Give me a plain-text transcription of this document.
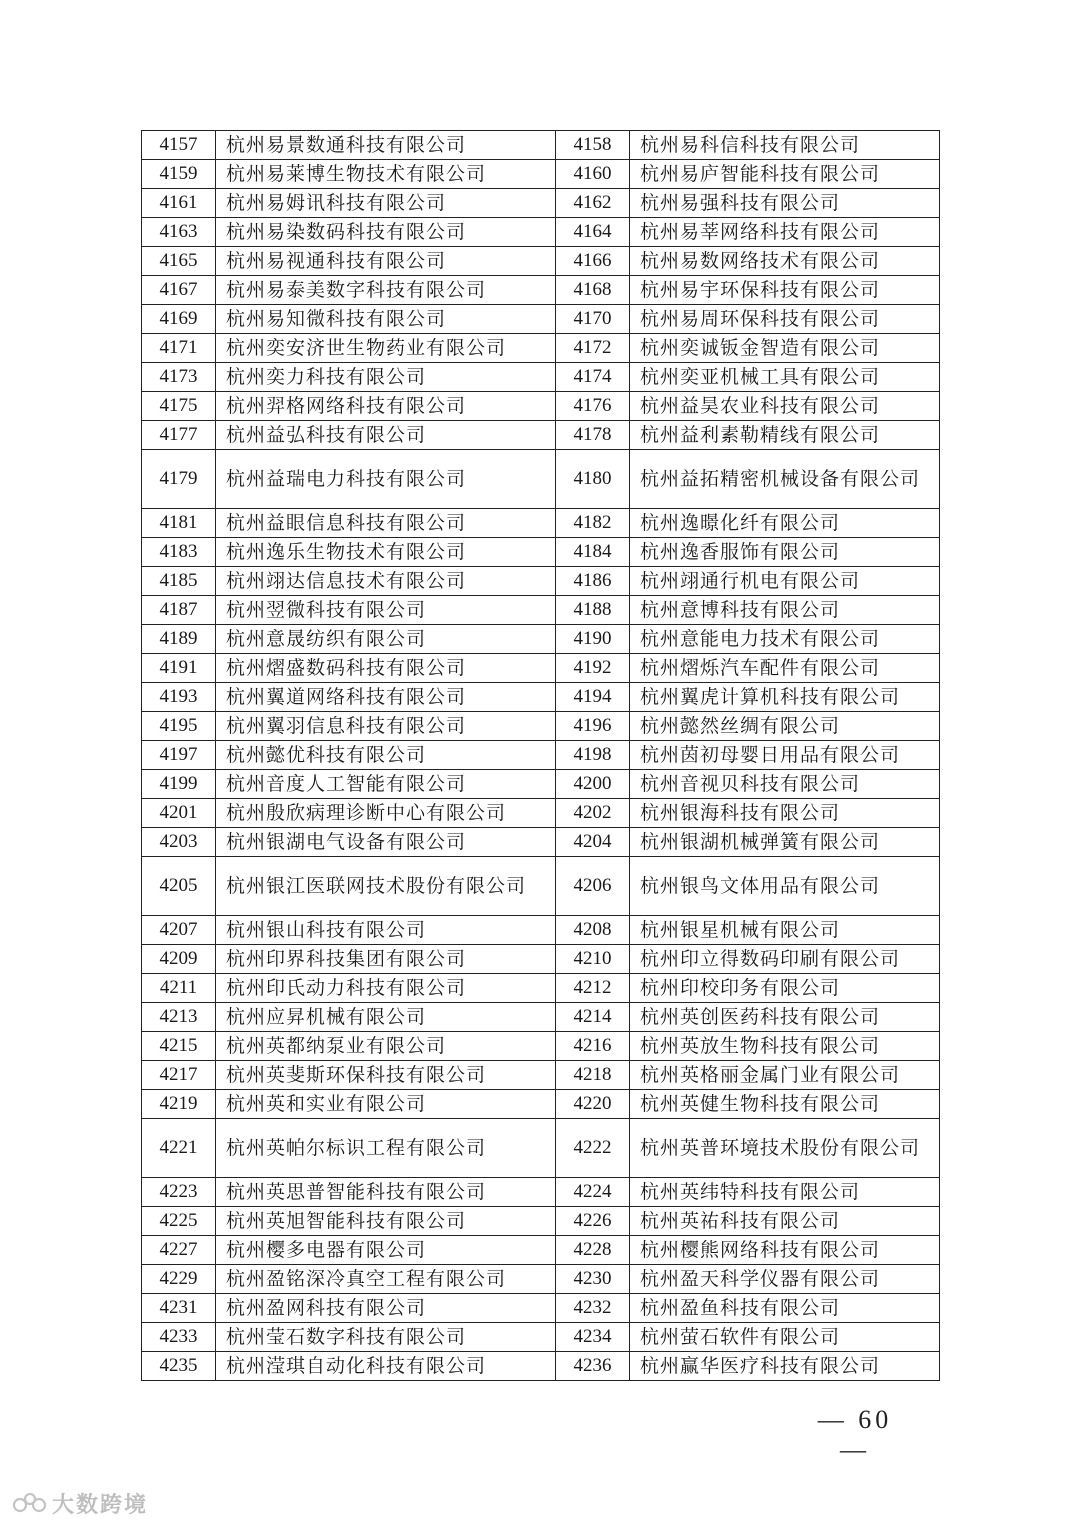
4157	杭州易景数通科技有限公司	4158	杭州易科信科技有限公司
4159	杭州易莱博生物技术有限公司	4160	杭州易庐智能科技有限公司
4161	杭州易姆讯科技有限公司	4162	杭州易强科技有限公司
4163	杭州易染数码科技有限公司	4164	杭州易莘网络科技有限公司
4165	杭州易视通科技有限公司	4166	杭州易数网络技术有限公司
4167	杭州易泰美数字科技有限公司	4168	杭州易宇环保科技有限公司
4169	杭州易知微科技有限公司	4170	杭州易周环保科技有限公司
4171	杭州奕安济世生物药业有限公司	4172	杭州奕诚钣金智造有限公司
4173	杭州奕力科技有限公司	4174	杭州奕亚机械工具有限公司
4175	杭州羿格网络科技有限公司	4176	杭州益昊农业科技有限公司
4177	杭州益弘科技有限公司	4178	杭州益利素勒精线有限公司
4179	杭州益瑞电力科技有限公司	4180	杭州益拓精密机械设备有限公司
4181	杭州益眼信息科技有限公司	4182	杭州逸暻化纤有限公司
4183	杭州逸乐生物技术有限公司	4184	杭州逸香服饰有限公司
4185	杭州翊达信息技术有限公司	4186	杭州翊通行机电有限公司
4187	杭州翌微科技有限公司	4188	杭州意博科技有限公司
4189	杭州意晟纺织有限公司	4190	杭州意能电力技术有限公司
4191	杭州熠盛数码科技有限公司	4192	杭州熠烁汽车配件有限公司
4193	杭州翼道网络科技有限公司	4194	杭州翼虎计算机科技有限公司
4195	杭州翼羽信息科技有限公司	4196	杭州懿然丝绸有限公司
4197	杭州懿优科技有限公司	4198	杭州茵初母婴日用品有限公司
4199	杭州音度人工智能有限公司	4200	杭州音视贝科技有限公司
4201	杭州殷欣病理诊断中心有限公司	4202	杭州银海科技有限公司
4203	杭州银湖电气设备有限公司	4204	杭州银湖机械弹簧有限公司
4205	杭州银江医联网技术股份有限公司	4206	杭州银鸟文体用品有限公司
4207	杭州银山科技有限公司	4208	杭州银星机械有限公司
4209	杭州印界科技集团有限公司	4210	杭州印立得数码印刷有限公司
4211	杭州印氏动力科技有限公司	4212	杭州印校印务有限公司
4213	杭州应昇机械有限公司	4214	杭州英创医药科技有限公司
4215	杭州英都纳泵业有限公司	4216	杭州英放生物科技有限公司
4217	杭州英斐斯环保科技有限公司	4218	杭州英格丽金属门业有限公司
4219	杭州英和实业有限公司	4220	杭州英健生物科技有限公司
4221	杭州英帕尔标识工程有限公司	4222	杭州英普环境技术股份有限公司
4223	杭州英思普智能科技有限公司	4224	杭州英纬特科技有限公司
4225	杭州英旭智能科技有限公司	4226	杭州英祐科技有限公司
4227	杭州樱多电器有限公司	4228	杭州樱熊网络科技有限公司
4229	杭州盈铭深冷真空工程有限公司	4230	杭州盈天科学仪器有限公司
4231	杭州盈网科技有限公司	4232	杭州盈鱼科技有限公司
4233	杭州莹石数字科技有限公司	4234	杭州萤石软件有限公司
4235	杭州滢琪自动化科技有限公司	4236	杭州赢华医疗科技有限公司
— 60 —
大数跨境
